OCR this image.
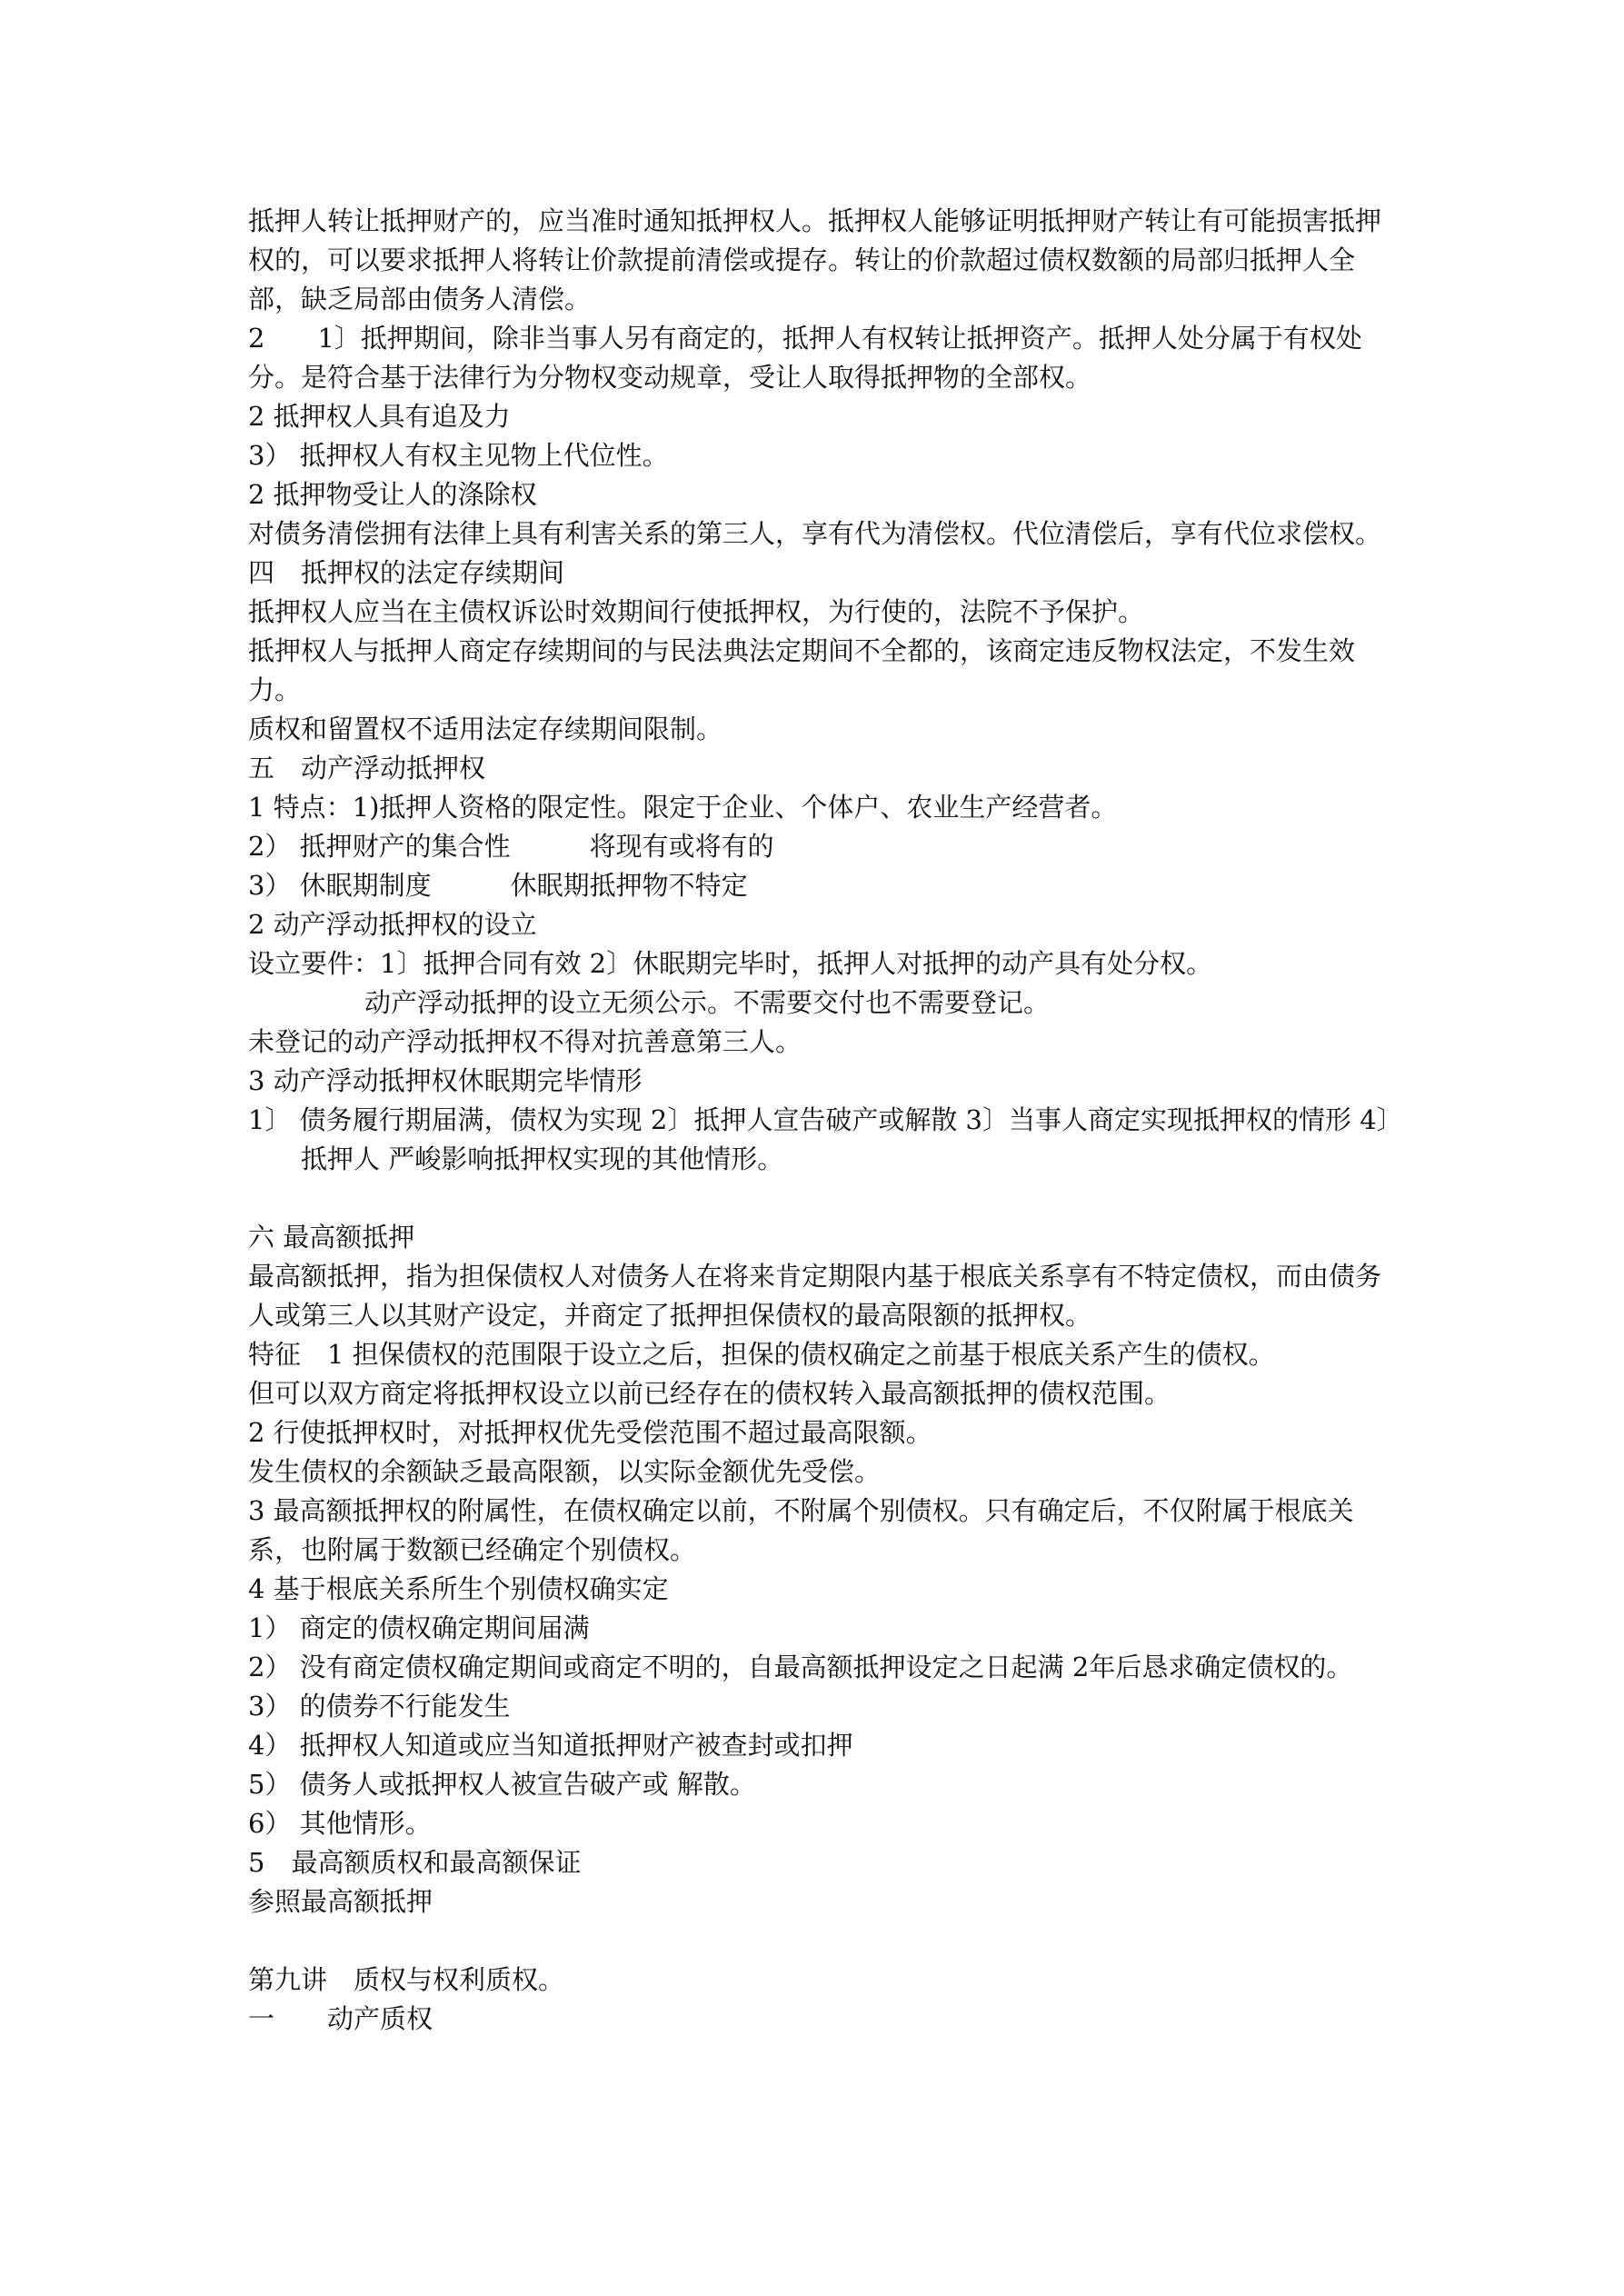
抵押人转让抵押财产的，应当准时通知抵押权人。抵押权人能够证明抵押财产转让有可能损害抵押权的，可以要求抵押人将转让价款提前清偿或提存。转让的价款超过债权数额的局部归抵押人全部，缺乏局部由债务人清偿。
2　　1〕抵押期间，除非当事人另有商定的，抵押人有权转让抵押资产。抵押人处分属于有权处分。是符合基于法律行为分物权变动规章，受让人取得抵押物的全部权。
2 抵押权人具有追及力
3） 抵押权人有权主见物上代位性。
2 抵押物受让人的涤除权
对债务清偿拥有法律上具有利害关系的第三人，享有代为清偿权。代位清偿后，享有代位求偿权。
四　抵押权的法定存续期间
抵押权人应当在主债权诉讼时效期间行使抵押权，为行使的，法院不予保护。
抵押权人与抵押人商定存续期间的与民法典法定期间不全都的，该商定违反物权法定，不发生效力。
质权和留置权不适用法定存续期间限制。
五　动产浮动抵押权
1 特点：1)抵押人资格的限定性。限定于企业、个体户、农业生产经营者。
2） 抵押财产的集合性　　　将现有或将有的
3） 休眠期制度　　　休眠期抵押物不特定
2 动产浮动抵押权的设立
设立要件：1〕抵押合同有效 2〕休眠期完毕时，抵押人对抵押的动产具有处分权。
动产浮动抵押的设立无须公示。不需要交付也不需要登记。
未登记的动产浮动抵押权不得对抗善意第三人。
3 动产浮动抵押权休眠期完毕情形
1〕 债务履行期届满，债权为实现 2〕抵押人宣告破产或解散 3〕当事人商定实现抵押权的情形 4〕抵押人 严峻影响抵押权实现的其他情形。
六 最高额抵押
最高额抵押，指为担保债权人对债务人在将来肯定期限内基于根底关系享有不特定债权，而由债务人或第三人以其财产设定，并商定了抵押担保债权的最高限额的抵押权。
特征　1 担保债权的范围限于设立之后，担保的债权确定之前基于根底关系产生的债权。
但可以双方商定将抵押权设立以前已经存在的债权转入最高额抵押的债权范围。
2 行使抵押权时，对抵押权优先受偿范围不超过最高限额。
发生债权的余额缺乏最高限额，以实际金额优先受偿。
3 最高额抵押权的附属性，在债权确定以前，不附属个别债权。只有确定后，不仅附属于根底关系，也附属于数额已经确定个别债权。
4 基于根底关系所生个别债权确实定
1） 商定的债权确定期间届满
2） 没有商定债权确定期间或商定不明的，自最高额抵押设定之日起满 2年后恳求确定债权的。
3） 的债券不行能发生
4） 抵押权人知道或应当知道抵押财产被查封或扣押
5） 债务人或抵押权人被宣告破产或 解散。
6） 其他情形。
5　最高额质权和最高额保证
参照最高额抵押
第九讲　质权与权利质权。
一　　动产质权
